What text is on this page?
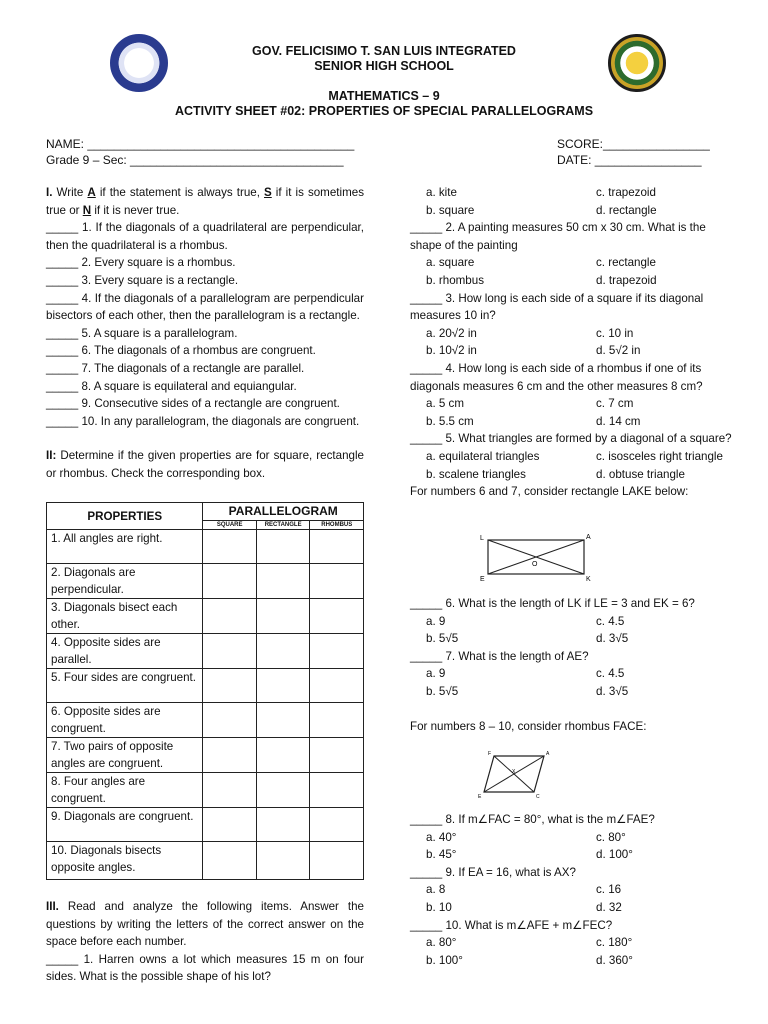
GOV. FELICISIMO T. SAN LUIS INTEGRATED
SENIOR HIGH SCHOOL
MATHEMATICS – 9
ACTIVITY SHEET #02: PROPERTIES OF SPECIAL PARALLELOGRAMS
NAME: ________________________________________
Grade 9 – Sec: ________________________________
SCORE:________________
DATE: ________________

I. Write A if the statement is always true, S if it is sometimes true or N if it is never true.

_____ 1. If the diagonals of a quadrilateral are perpendicular, then the quadrilateral is a rhombus.

_____ 2. Every square is a rhombus.

_____ 3. Every square is a rectangle.

_____ 4. If the diagonals of a parallelogram are perpendicular bisectors of each other, then the parallelogram is a rectangle.

_____ 5. A square is a parallelogram.

_____ 6. The diagonals of a rhombus are congruent.

_____ 7. The diagonals of a rectangle are parallel.

_____ 8. A square is equilateral and equiangular.

_____ 9. Consecutive sides of a rectangle are congruent.

_____ 10. In any parallelogram, the diagonals are congruent.

II: Determine if the given properties are for square, rectangle or rhombus. Check the corresponding box.

PROPERTIES	PARALLELOGRAM		
	SQUARE	RECTANGLE	RHOMBUS
1. All angles are right.			
2. Diagonals are perpendicular.			
3. Diagonals bisect each other.			
4. Opposite sides are parallel.			
5. Four sides are congruent.			
6. Opposite sides are congruent.			
7. Two pairs of opposite angles are congruent.			
8. Four angles are congruent.			
9. Diagonals are congruent.			
10. Diagonals bisects opposite angles.			

III. Read and analyze the following items. Answer the questions by writing the letters of the correct answer on the space before each number.

_____ 1. Harren owns a lot which measures 15 m on four sides. What is the possible shape of his lot?

a. kite	c. trapezoid
b. square	d. rectangle

_____ 2. A painting measures 50 cm x 30 cm. What is the shape of the painting

a. square	c. rectangle
b. rhombus	d. trapezoid

_____ 3. How long is each side of a square if its diagonal measures 10 in?

a. 20√2 in	c. 10 in
b. 10√2 in	d. 5√2 in

_____ 4. How long is each side of a rhombus if one of its diagonals measures 6 cm and the other measures 8 cm?

a. 5 cm	c. 7 cm
b. 5.5 cm	d. 14 cm

_____ 5. What triangles are formed by a diagonal of a square?

a. equilateral triangles	c. isosceles right triangle
b. scalene triangles	d. obtuse triangle

For numbers 6 and 7, consider rectangle LAKE below:

L	A
E	K
O

_____ 6. What is the length of LK if LE = 3 and EK = 6?

a. 9	c. 4.5
b. 5√5	d. 3√5

_____ 7. What is the length of AE?

a. 9	c. 4.5
b. 5√5	d. 3√5

For numbers 8 – 10, consider rhombus FACE:

F	A
C
E
X

_____ 8. If m∠FAC = 80°, what is the m∠FAE?

a. 40°	c. 80°
b. 45°	d. 100°

_____ 9. If EA = 16, what is AX?

a. 8	c. 16
b. 10	d. 32

_____ 10. What is m∠AFE + m∠FEC?

a. 80°	c. 180°
b. 100°	d. 360°
